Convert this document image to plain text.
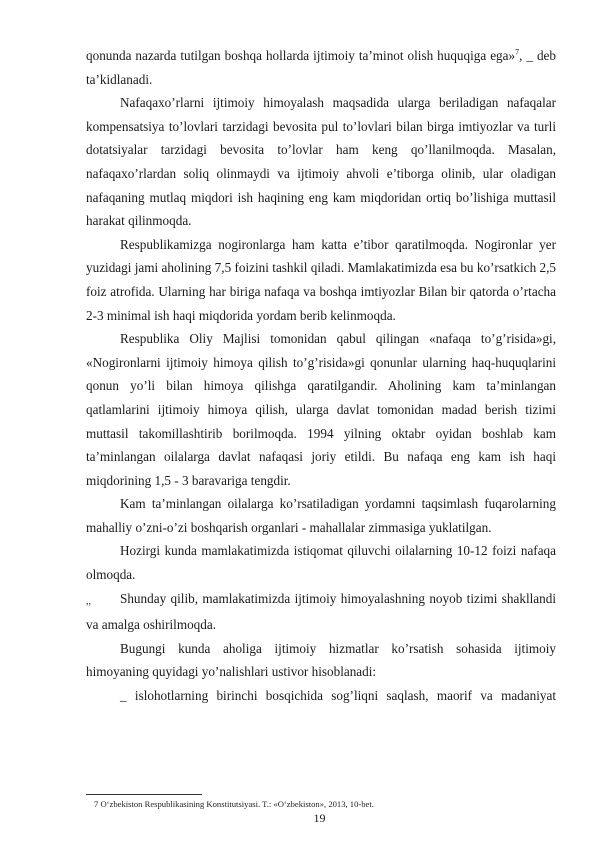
qonunda nazarda tutilgan boshqa hollarda ijtimoiy ta’minot olish huquqiga ega»$^7$, _ deb ta’kidlanadi.

Nafaqaxo’rlarni ijtimoiy himoyalash maqsadida ularga beriladigan nafaqalar kompensatsiya to’lovlari tarzidagi bevosita pul to’lovlari bilan birga imtiyozlar va turli dotatsiyalar tarzidagi bevosita to’lovlar ham keng qo’llanilmoqda. Masalan, nafaqaxo’rlardan soliq olinmaydi va ijtimoiy ahvoli e’tiborga olinib, ular oladigan nafaqaning mutlaq miqdori ish haqining eng kam miqdoridan ortiq bo’lishiga muttasil harakat qilinmoqda.

Respublikamizga nogironlarga ham katta e’tibor qaratilmoqda. Nogironlar yer yuzidagi jami aholining 7,5 foizini tashkil qiladi. Mamlakatimizda esa bu ko’rsatkich 2,5 foiz atrofida. Ularning har biriga nafaqa va boshqa imtiyozlar Bilan bir qatorda o’rtacha 2-3 minimal ish haqi miqdorida yordam berib kelinmoqda.

Respublika Oliy Majlisi tomonidan qabul qilingan «nafaqa to’g’risida»gi, «Nogironlarni ijtimoiy himoya qilish to’g’risida»gi qonunlar ularning haq-huquqlarini qonun yo’li bilan himoya qilishga qaratilgandir. Aholining kam ta’minlangan qatlamlarini ijtimoiy himoya qilish, ularga davlat tomonidan madad berish tizimi muttasil takomillashtirib borilmoqda. 1994 yilning oktabr oyidan boshlab kam ta’minlangan oilalarga davlat nafaqasi joriy etildi. Bu nafaqa eng kam ish haqi miqdorining 1,5 - 3 baravariga tengdir.

Kam ta’minlangan oilalarga ko’rsatiladigan yordamni taqsimlash fuqarolarning mahalliy o’zni-o’zi boshqarish organlari - mahallalar zimmasiga yuklatilgan.

Hozirgi kunda mamlakatimizda istiqomat qiluvchi oilalarning 10-12 foizi nafaqa olmoqda.

,, Shunday qilib, mamlakatimizda ijtimoiy himoyalashning noyob tizimi shakllandi va amalga oshirilmoqda.

Bugungi kunda aholiga ijtimoiy hizmatlar ko’rsatish sohasida ijtimoiy himoyaning quyidagi yo’nalishlari ustivor hisoblanadi:

_ islohotlarning birinchi bosqichida sog’liqni saqlash, maorif va madaniyat

7 O‘zbekiston Respublikasining Konstitutsiyasi. T.: «O‘zbekiston», 2013, 10-bet.
19
